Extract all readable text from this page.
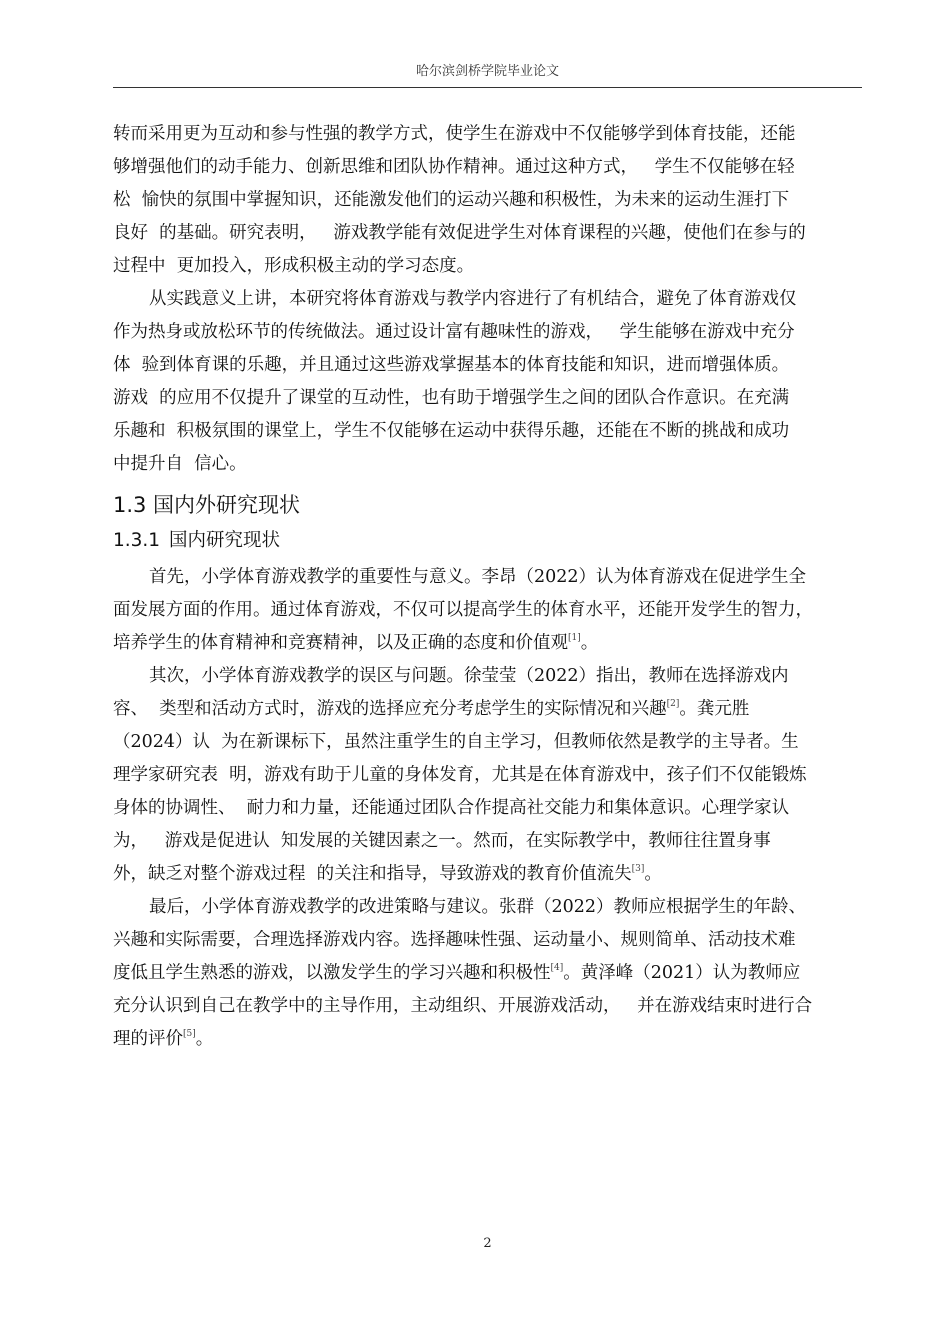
哈尔滨剑桥学院毕业论文
转而采用更为互动和参与性强的教学方式，使学生在游戏中不仅能够学到体育技能，还能
够增强他们的动手能力、创新思维和团队协作精神。通过这种方式，   学生不仅能够在轻
松  愉快的氛围中掌握知识，还能激发他们的运动兴趣和积极性，为未来的运动生涯打下
良好  的基础。研究表明，   游戏教学能有效促进学生对体育课程的兴趣，使他们在参与的
过程中  更加投入，形成积极主动的学习态度。
从实践意义上讲，本研究将体育游戏与教学内容进行了有机结合，避免了体育游戏仅
作为热身或放松环节的传统做法。通过设计富有趣味性的游戏，   学生能够在游戏中充分
体  验到体育课的乐趣，并且通过这些游戏掌握基本的体育技能和知识，进而增强体质。
游戏  的应用不仅提升了课堂的互动性，也有助于增强学生之间的团队合作意识。在充满
乐趣和  积极氛围的课堂上，学生不仅能够在运动中获得乐趣，还能在不断的挑战和成功
中提升自  信心。
1.3 国内外研究现状
1.3.1 国内研究现状
首先，小学体育游戏教学的重要性与意义。李昂（2022）认为体育游戏在促进学生全
面发展方面的作用。通过体育游戏，不仅可以提高学生的体育水平，还能开发学生的智力，
培养学生的体育精神和竞赛精神，以及正确的态度和价值观[1]。
其次，小学体育游戏教学的误区与问题。徐莹莹（2022）指出，教师在选择游戏内
容、  类型和活动方式时，游戏的选择应充分考虑学生的实际情况和兴趣[2]。龚元胜
（2024）认  为在新课标下，虽然注重学生的自主学习，但教师依然是教学的主导者。生
理学家研究表  明，游戏有助于儿童的身体发育，尤其是在体育游戏中，孩子们不仅能锻炼
身体的协调性、  耐力和力量，还能通过团队合作提高社交能力和集体意识。心理学家认
为，   游戏是促进认  知发展的关键因素之一。然而，在实际教学中，教师往往置身事
外，缺乏对整个游戏过程  的关注和指导，导致游戏的教育价值流失[3]。
最后，小学体育游戏教学的改进策略与建议。张群（2022）教师应根据学生的年龄、
兴趣和实际需要，合理选择游戏内容。选择趣味性强、运动量小、规则简单、活动技术难
度低且学生熟悉的游戏，以激发学生的学习兴趣和积极性[4]。黄泽峰（2021）认为教师应
充分认识到自己在教学中的主导作用，主动组织、开展游戏活动，   并在游戏结束时进行合
理的评价[5]。
2
